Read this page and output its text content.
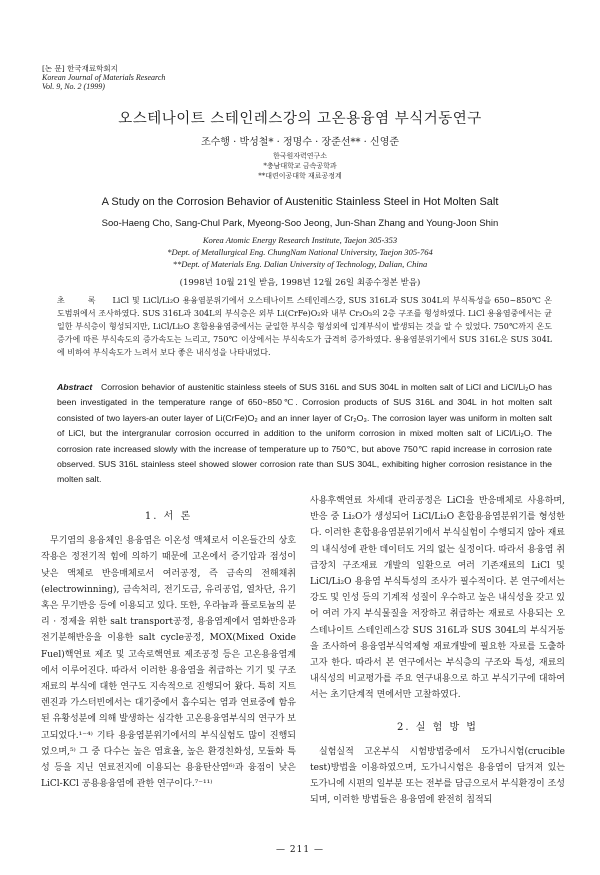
[논 문] 한국재료학회지
Korean Journal of Materials Research
Vol. 9, No. 2 (1999)
오스테나이트 스테인레스강의 고온용융염 부식거동연구
조수행 · 박성철* · 정명수 · 장준선** · 신영준
한국원자력연구소
*충남대학교 금속공학과
**대련이공대학 재료공정계
A Study on the Corrosion Behavior of Austenitic Stainless Steel in Hot Molten Salt
Soo-Haeng Cho, Sang-Chul Park, Myeong-Soo Jeong, Jun-Shan Zhang and Young-Joon Shin
Korea Atomic Energy Research Institute, Taejon 305-353
*Dept. of Metallurgical Eng. ChungNam National University, Taejon 305-764
**Dept. of Materials Eng. Dalian University of Technology, Dalian, China
(1998년 10월 21일 받음, 1998년 12월 26일 최종수정본 받음)
초 록 LiCl 및 LiCl/Li₂O 용융염분위기에서 오스테나이트 스테인레스강, SUS 316L과 SUS 304L의 부식특성을 650~850℃ 온도범위에서 조사하였다. SUS 316L과 304L의 부식층은 외부 Li(CrFe)O₂와 내부 Cr₂O₃의 2층 구조를 형성하였다. LiCl 용융염중에서는 균일한 부식층이 형성되지만, LiCl/Li₂O 혼합용융염중에서는 균일한 부식층 형성외에 입계부식이 발생되는 것을 알 수 있었다. 750℃까지 온도 증가에 따른 부식속도의 증가속도는 느리고, 750℃ 이상에서는 부식속도가 급격히 증가하였다. 용융염분위기에서 SUS 316L은 SUS 304L에 비하여 부식속도가 느려서 보다 좋은 내식성을 나타내었다.
Abstract Corrosion behavior of austenitic stainless steels of SUS 316L and SUS 304L in molten salt of LiCl and LiCl/Li₂O has been investigated in the temperature range of 650~850℃. Corrosion products of SUS 316L and 304L in hot molten salt consisted of two layers-an outer layer of Li(CrFe)O₂ and an inner layer of Cr₂O₃. The corrosion layer was uniform in molten salt of LiCl, but the intergranular corrosion occurred in addition to the uniform corrosion in mixed molten salt of LiCl/Li₂O. The corrosion rate increased slowly with the increase of temperature up to 750℃, but above 750℃ rapid increase in corrosion rate observed. SUS 316L stainless steel showed slower corrosion rate than SUS 304L, exhibiting higher corrosion resistance in the molten salt.
1. 서 론

무기염의 용융체인 용융염은 이온성 액체로서 이온들간의 상호작용은 정전기적 힘에 의하기 때문에 고온에서 증기압과 점성이 낮은 액체로 반응매체로서 여러공정, 즉 금속의 전해채취(electrowinning), 금속처리, 전기도금, 유리공업, 열차단, 유기 혹은 무기반응 등에 이용되고 있다. 또한, 우라늄과 플로토늄의 분리 · 정제을 위한 salt transport공정, 용융염계에서 염화반응과 전기분해반응을 이용한 salt cycle공정, MOX(Mixed Oxide Fuel)핵연료 제조 및 고속로핵연료 제조공정 등은 고온용융염계에서 이루어진다. 따라서 이러한 용융염을 취급하는 기기 및 구조재료의 부식에 대한 연구도 지속적으로 진행되어 왔다. 특히 지트렌진과 가스터빈에서는 대기중에서 흡수되는 염과 연료중에 함유된 유황성분에 의해 발생하는 심각한 고온용융염부식의 연구가 보고되었다.¹⁻⁴⁾ 기타 용융염분위기에서의 부식실험도 많이 진행되었으며,⁵⁾ 그 중 다수는 높은 염효율, 높은 환경친화성, 모듈화 특성 등을 지닌 연료전지에 이용되는 용융탄산염⁶⁾과 융점이 낮은 LiCl-KCl 공용용융염에 관한 연구이다.⁷⁻¹¹⁾

사용후핵연료 차세대 관리공정은 LiCl을 반응매체로 사용하며, 반응 중 Li₂O가 생성되어 LiCl/Li₂O 혼합용융염분위기를 형성한다. 이러한 혼합용융염분위기에서 부식실험이 수행되지 않아 재료의 내식성에 관한 데이터도 거의 없는 실정이다. 따라서 용융염 취급장치 구조재료 개발의 일환으로 여러 기존재료의 LiCl 및 LiCl/Li₂O 용융염 부식특성의 조사가 필수적이다. 본 연구에서는 강도 및 인성 등의 기계적 성질이 우수하고 높은 내식성을 갖고 있어 여러 가지 부식물질을 저장하고 취급하는 재료로 사용되는 오스테나이트 스테인레스강 SUS 316L과 SUS 304L의 부식거동을 조사하여 용융염부식억제형 재료개발에 필요한 자료를 도출하고자 한다. 따라서 본 연구에서는 부식층의 구조와 특성, 재료의 내식성의 비교평가를 주요 연구내용으로 하고 부식기구에 대하여서는 초기단계적 면에서만 고찰하였다.

2. 실 험 방 법

실험실적 고온부식 시험방법중에서 도가니시험(crucible test)방법을 이용하였으며, 도가니시험은 용융염이 담겨져 있는 도가니에 시편의 일부분 또는 전부를 담금으로서 부식환경이 조성되며, 이러한 방법들은 용융염에 완전히 침적되

— 211 —
